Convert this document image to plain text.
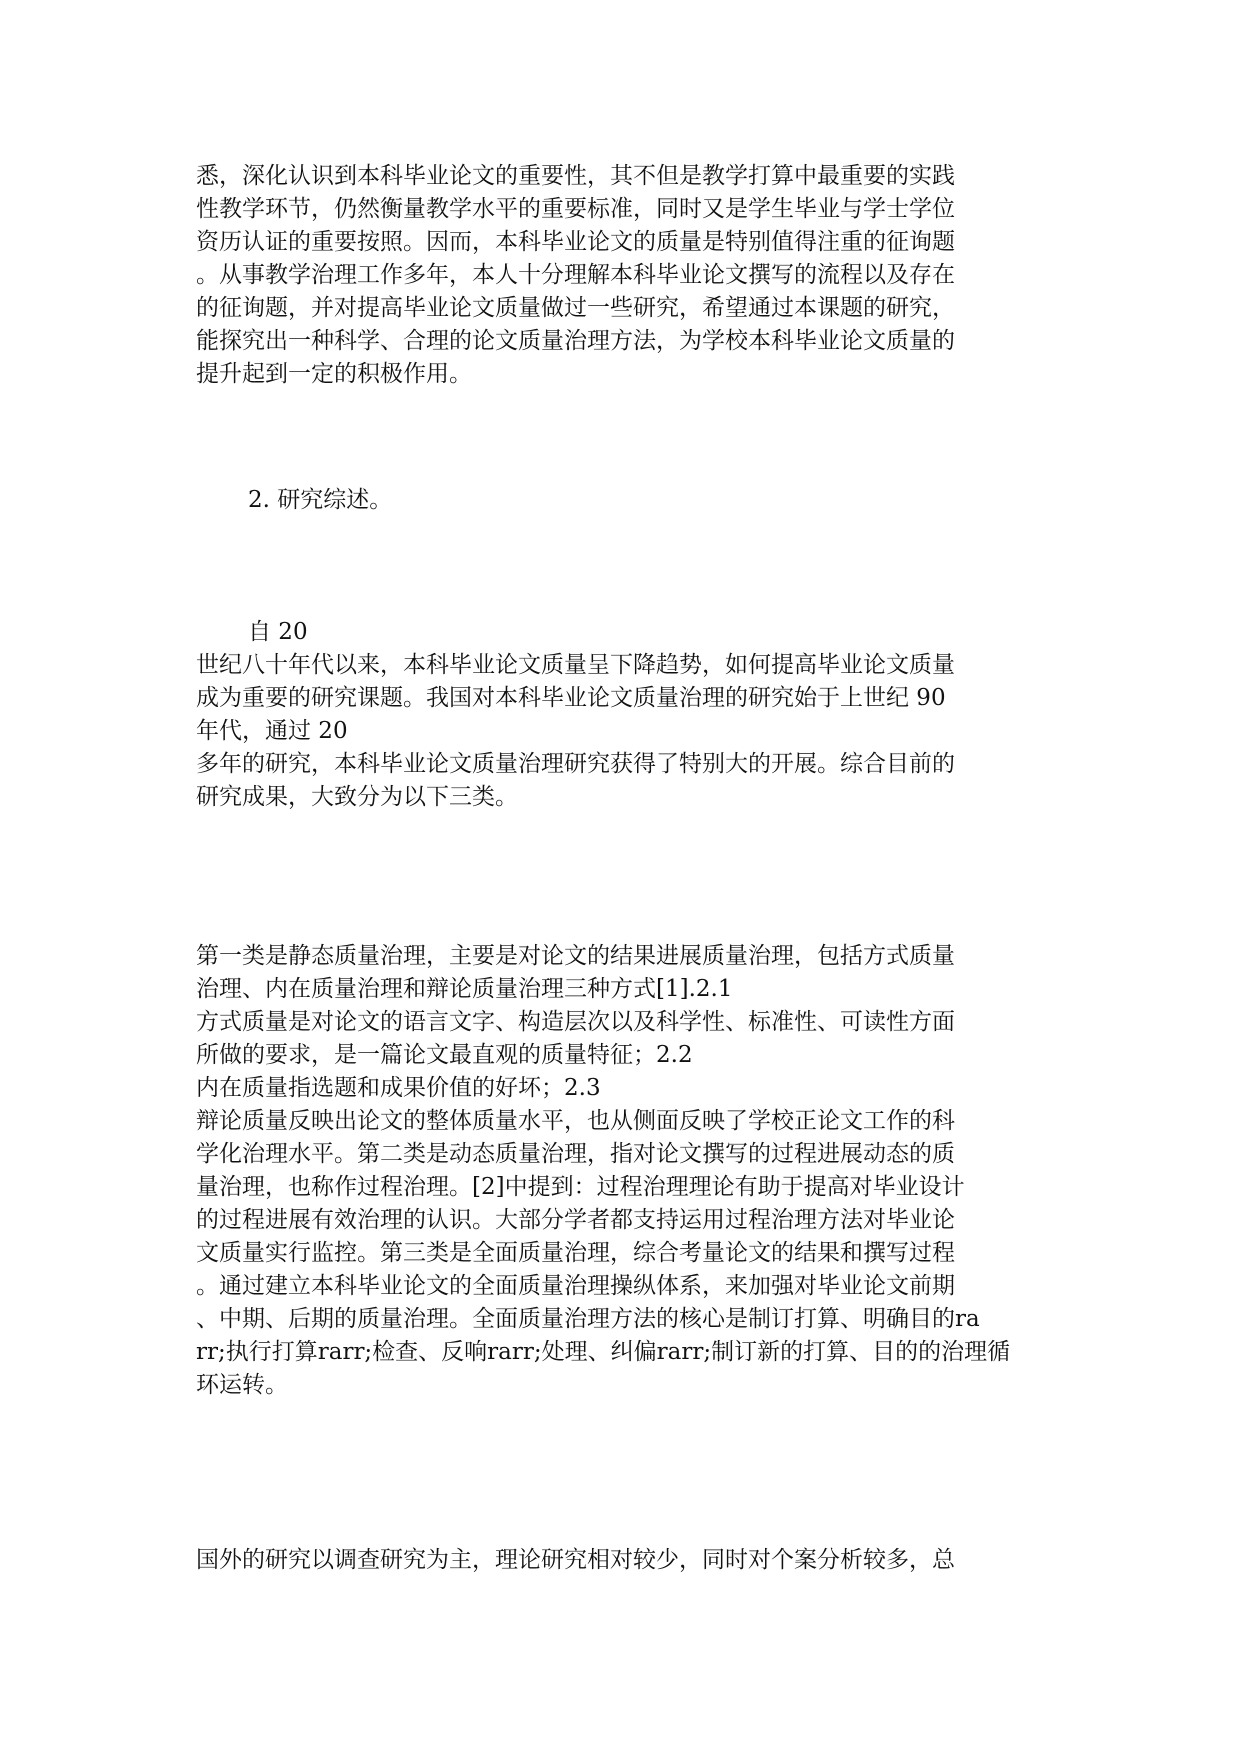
悉，深化认识到本科毕业论文的重要性，其不但是教学打算中最重要的实践
性教学环节，仍然衡量教学水平的重要标准，同时又是学生毕业与学士学位
资历认证的重要按照。因而，本科毕业论文的质量是特别值得注重的征询题
。从事教学治理工作多年，本人十分理解本科毕业论文撰写的流程以及存在
的征询题，并对提高毕业论文质量做过一些研究，希望通过本课题的研究，
能探究出一种科学、合理的论文质量治理方法，为学校本科毕业论文质量的
提升起到一定的积极作用。
2. 研究综述。
自 20
世纪八十年代以来，本科毕业论文质量呈下降趋势，如何提高毕业论文质量
成为重要的研究课题。我国对本科毕业论文质量治理的研究始于上世纪 90
年代，通过 20
多年的研究，本科毕业论文质量治理研究获得了特别大的开展。综合目前的
研究成果，大致分为以下三类。
第一类是静态质量治理，主要是对论文的结果进展质量治理，包括方式质量
治理、内在质量治理和辩论质量治理三种方式[1].2.1
方式质量是对论文的语言文字、构造层次以及科学性、标准性、可读性方面
所做的要求，是一篇论文最直观的质量特征；2.2
内在质量指选题和成果价值的好坏；2.3
辩论质量反映出论文的整体质量水平，也从侧面反映了学校正论文工作的科
学化治理水平。第二类是动态质量治理，指对论文撰写的过程进展动态的质
量治理，也称作过程治理。[2]中提到：过程治理理论有助于提高对毕业设计
的过程进展有效治理的认识。大部分学者都支持运用过程治理方法对毕业论
文质量实行监控。第三类是全面质量治理，综合考量论文的结果和撰写过程
。通过建立本科毕业论文的全面质量治理操纵体系，来加强对毕业论文前期
、中期、后期的质量治理。全面质量治理方法的核心是制订打算、明确目的ra
rr;执行打算rarr;检查、反响rarr;处理、纠偏rarr;制订新的打算、目的的治理循
环运转。
国外的研究以调查研究为主，理论研究相对较少，同时对个案分析较多，总
